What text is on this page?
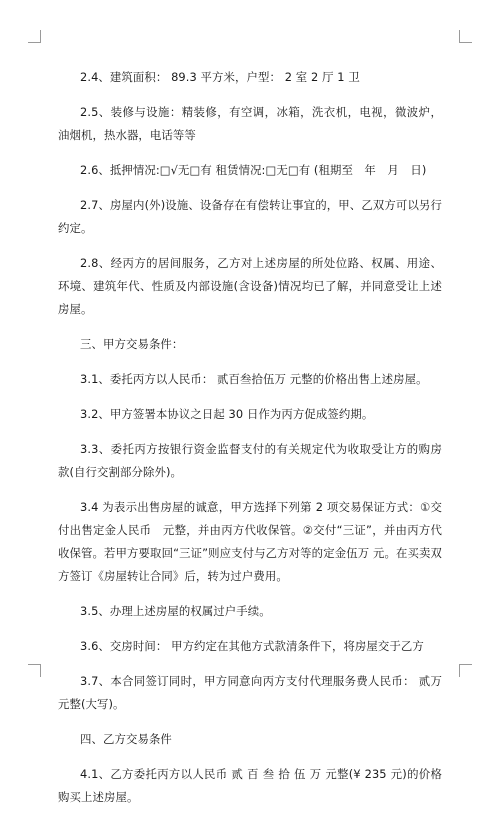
2.4、建筑面积： 89.3 平方米，户型： 2 室 2 厅 1 卫

2.5、装修与设施：精装修，有空调，冰箱，洗衣机，电视，微波炉，油烟机，热水器，电话等等

2.6、抵押情况:□√无□有 租赁情况:□无□有 (租期至　年　月　日)

2.7、房屋内(外)设施、设备存在有偿转让事宜的，甲、乙双方可以另行约定。

2.8、经丙方的居间服务，乙方对上述房屋的所处位路、权属、用途、环境、建筑年代、性质及内部设施(含设备)情况均已了解，并同意受让上述房屋。

三、甲方交易条件：

3.1、委托丙方以人民币： 贰百叁拾伍万 元整的价格出售上述房屋。

3.2、甲方签署本协议之日起 30 日作为丙方促成签约期。

3.3、委托丙方按银行资金监督支付的有关规定代为收取受让方的购房款(自行交割部分除外)。

3.4 为表示出售房屋的诚意，甲方选择下列第 2 项交易保证方式：①交付出售定金人民币　元整，并由丙方代收保管。②交付“三证”，并由丙方代收保管。若甲方要取回“三证”则应支付与乙方对等的定金伍万 元。在买卖双方签订《房屋转让合同》后，转为过户费用。

3.5、办理上述房屋的权属过户手续。

3.6、交房时间： 甲方约定在其他方式款清条件下，将房屋交于乙方

3.7、本合同签订同时，甲方同意向丙方支付代理服务费人民币： 贰万 元整(大写)。

四、乙方交易条件

4.1、乙方委托丙方以人民币 贰 百 叁 拾 伍 万 元整(¥ 235 元)的价格购买上述房屋。
